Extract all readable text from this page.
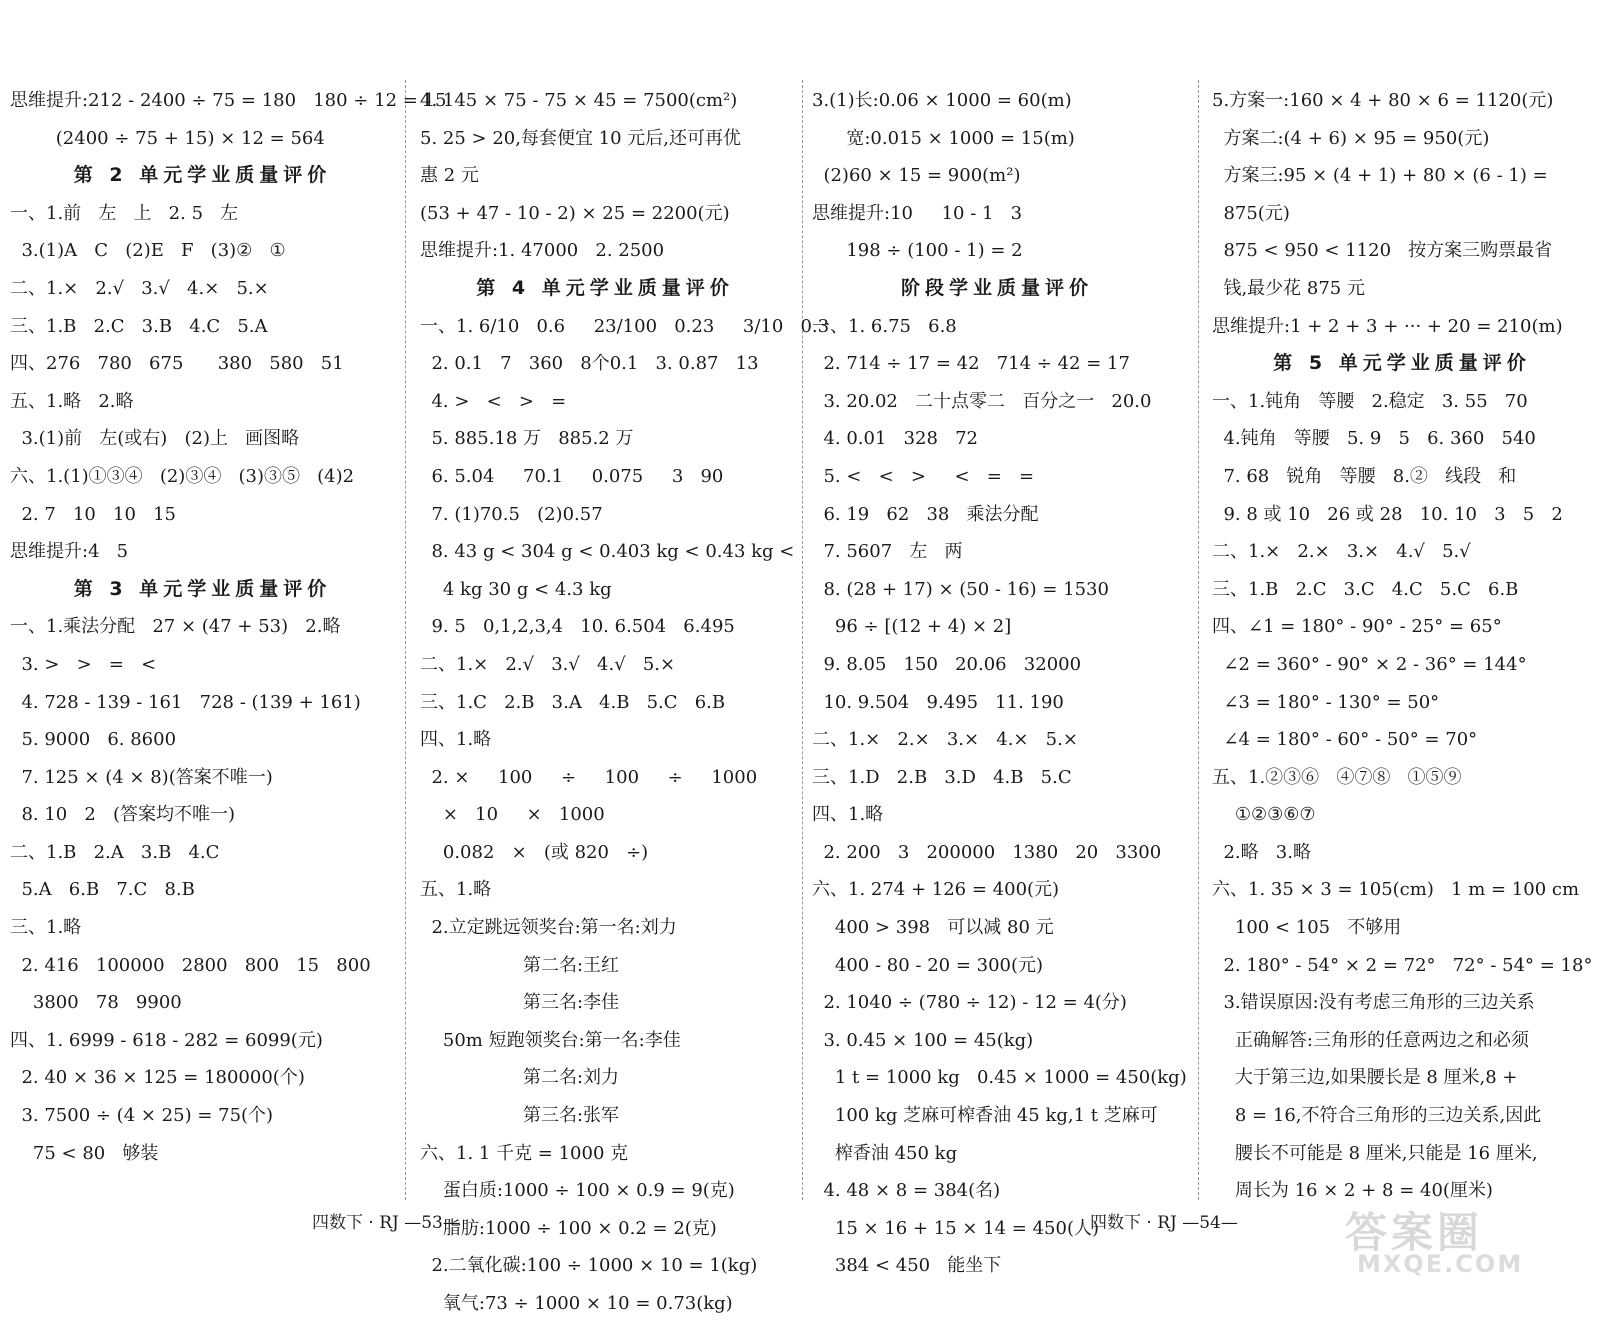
思维提升:212 - 2400 ÷ 75 = 180   180 ÷ 12 = 15
(2400 ÷ 75 + 15) × 12 = 564
第 2 单元学业质量评价
一、1.前   左   上   2. 5   左
3.(1)A   C   (2)E   F   (3)②   ①
二、1.×   2.√   3.√   4.×   5.×
三、1.B   2.C   3.B   4.C   5.A
四、276   780   675      380   580   51
五、1.略   2.略
3.(1)前   左(或右)   (2)上   画图略
六、1.(1)①③④   (2)③④   (3)③⑤   (4)2
2. 7   10   10   15
思维提升:4   5
第 3 单元学业质量评价
一、1.乘法分配   27 × (47 + 53)   2.略
3. >   >   =   <
4. 728 - 139 - 161   728 - (139 + 161)
5. 9000   6. 8600
7. 125 × (4 × 8)(答案不唯一)
8. 10   2   (答案均不唯一)
二、1.B   2.A   3.B   4.C
5.A   6.B   7.C   8.B
三、1.略
2. 416   100000   2800   800   15   800
3800   78   9900
四、1. 6999 - 618 - 282 = 6099(元)
2. 40 × 36 × 125 = 180000(个)
3. 7500 ÷ (4 × 25) = 75(个)
75 < 80   够装
4. 145 × 75 - 75 × 45 = 7500(cm²)
5. 25 > 20,每套便宜 10 元后,还可再优
惠 2 元
(53 + 47 - 10 - 2) × 25 = 2200(元)
思维提升:1. 47000   2. 2500
第 4 单元学业质量评价
一、1. 6/10   0.6     23/100   0.23     3/10   0.3
2. 0.1   7   360   8个0.1   3. 0.87   13
4. >   <   >   =
5. 885.18 万   885.2 万
6. 5.04     70.1     0.075     3   90
7. (1)70.5   (2)0.57
8. 43 g < 304 g < 0.403 kg < 0.43 kg <
4 kg 30 g < 4.3 kg
9. 5   0,1,2,3,4   10. 6.504   6.495
二、1.×   2.√   3.√   4.√   5.×
三、1.C   2.B   3.A   4.B   5.C   6.B
四、1.略
2. ×     100     ÷     100     ÷     1000
×   10     ×   1000
0.082   ×   (或 820   ÷)
五、1.略
2.立定跳远领奖台:第一名:刘力
第二名:王红
第三名:李佳
50m 短跑领奖台:第一名:李佳
第二名:刘力
第三名:张军
六、1. 1 千克 = 1000 克
蛋白质:1000 ÷ 100 × 0.9 = 9(克)
脂肪:1000 ÷ 100 × 0.2 = 2(克)
2.二氧化碳:100 ÷ 1000 × 10 = 1(kg)
氧气:73 ÷ 1000 × 10 = 0.73(kg)
3.(1)长:0.06 × 1000 = 60(m)
宽:0.015 × 1000 = 15(m)
(2)60 × 15 = 900(m²)
思维提升:10     10 - 1   3
198 ÷ (100 - 1) = 2
阶段学业质量评价
一、1. 6.75   6.8
2. 714 ÷ 17 = 42   714 ÷ 42 = 17
3. 20.02   二十点零二   百分之一   20.0
4. 0.01   328   72
5. <   <   >     <   =   =
6. 19   62   38   乘法分配
7. 5607   左   两
8. (28 + 17) × (50 - 16) = 1530
96 ÷ [(12 + 4) × 2]
9. 8.05   150   20.06   32000
10. 9.504   9.495   11. 190
二、1.×   2.×   3.×   4.×   5.×
三、1.D   2.B   3.D   4.B   5.C
四、1.略
2. 200   3   200000   1380   20   3300
六、1. 274 + 126 = 400(元)
400 > 398   可以减 80 元
400 - 80 - 20 = 300(元)
2. 1040 ÷ (780 ÷ 12) - 12 = 4(分)
3. 0.45 × 100 = 45(kg)
1 t = 1000 kg   0.45 × 1000 = 450(kg)
100 kg 芝麻可榨香油 45 kg,1 t 芝麻可
榨香油 450 kg
4. 48 × 8 = 384(名)
15 × 16 + 15 × 14 = 450(人)
384 < 450   能坐下
5.方案一:160 × 4 + 80 × 6 = 1120(元)
方案二:(4 + 6) × 95 = 950(元)
方案三:95 × (4 + 1) + 80 × (6 - 1) =
875(元)
875 < 950 < 1120   按方案三购票最省
钱,最少花 875 元
思维提升:1 + 2 + 3 + ··· + 20 = 210(m)
第 5 单元学业质量评价
一、1.钝角   等腰   2.稳定   3. 55   70
4.钝角   等腰   5. 9   5   6. 360   540
7. 68   锐角   等腰   8.②   线段   和
9. 8 或 10   26 或 28   10. 10   3   5   2
二、1.×   2.×   3.×   4.√   5.√
三、1.B   2.C   3.C   4.C   5.C   6.B
四、∠1 = 180° - 90° - 25° = 65°
∠2 = 360° - 90° × 2 - 36° = 144°
∠3 = 180° - 130° = 50°
∠4 = 180° - 60° - 50° = 70°
五、1.②③⑥   ④⑦⑧   ①⑤⑨
①②③⑥⑦
2.略   3.略
六、1. 35 × 3 = 105(cm)   1 m = 100 cm
100 < 105   不够用
2. 180° - 54° × 2 = 72°   72° - 54° = 18°
3.错误原因:没有考虑三角形的三边关系
正确解答:三角形的任意两边之和必须
大于第三边,如果腰长是 8 厘米,8 +
8 = 16,不符合三角形的三边关系,因此
腰长不可能是 8 厘米,只能是 16 厘米,
周长为 16 × 2 + 8 = 40(厘米)
四数下 · RJ —53—	四数下 · RJ —54—	答案圈
MXQE.COM
